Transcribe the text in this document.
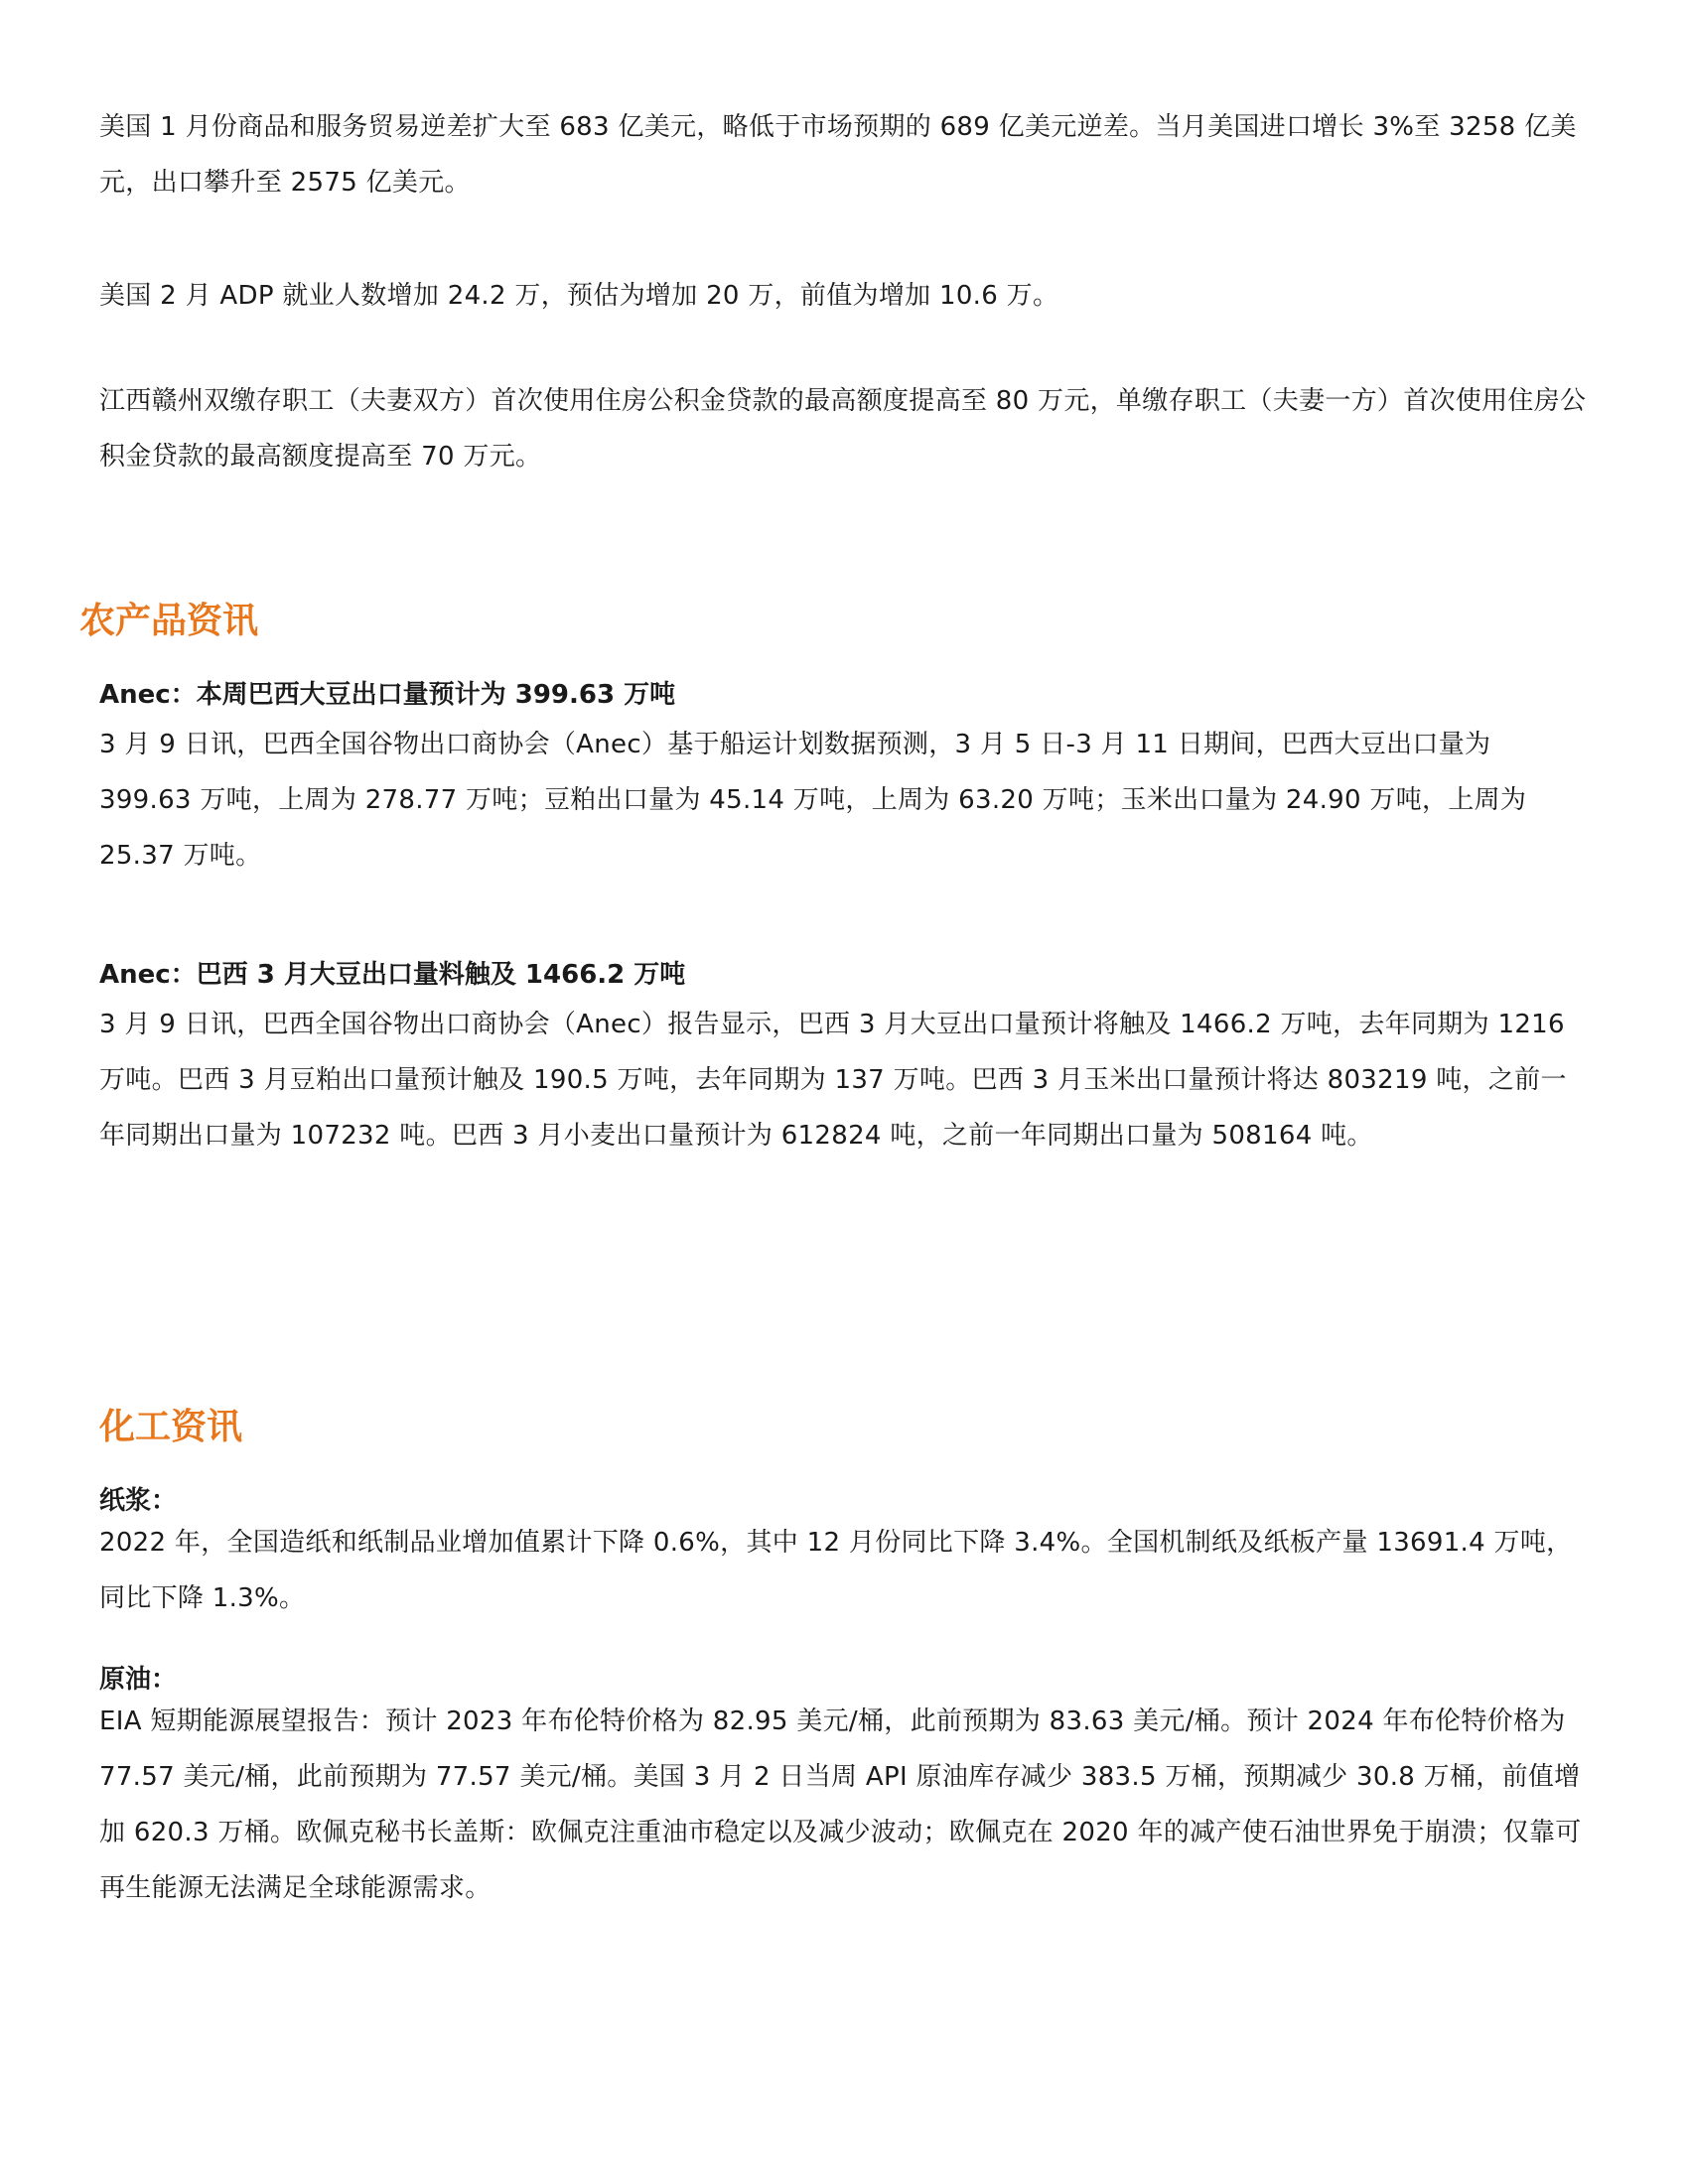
美国 1 月份商品和服务贸易逆差扩大至 683 亿美元，略低于市场预期的 689 亿美元逆差。当月美国进口增长 3%至 3258 亿美元，出口攀升至 2575 亿美元。

美国 2 月 ADP 就业人数增加 24.2 万，预估为增加 20 万，前值为增加 10.6 万。

江西赣州双缴存职工（夫妻双方）首次使用住房公积金贷款的最高额度提高至 80 万元，单缴存职工（夫妻一方）首次使用住房公积金贷款的最高额度提高至 70 万元。

农产品资讯
Anec：本周巴西大豆出口量预计为 399.63 万吨

3 月 9 日讯，巴西全国谷物出口商协会（Anec）基于船运计划数据预测，3 月 5 日-3 月 11 日期间，巴西大豆出口量为 399.63 万吨，上周为 278.77 万吨；豆粕出口量为 45.14 万吨，上周为 63.20 万吨；玉米出口量为 24.90 万吨，上周为 25.37 万吨。

Anec：巴西 3 月大豆出口量料触及 1466.2 万吨

3 月 9 日讯，巴西全国谷物出口商协会（Anec）报告显示，巴西 3 月大豆出口量预计将触及 1466.2 万吨，去年同期为 1216 万吨。巴西 3 月豆粕出口量预计触及 190.5 万吨，去年同期为 137 万吨。巴西 3 月玉米出口量预计将达 803219 吨，之前一年同期出口量为 107232 吨。巴西 3 月小麦出口量预计为 612824 吨，之前一年同期出口量为 508164 吨。

化工资讯
纸浆：

2022 年，全国造纸和纸制品业增加值累计下降 0.6%，其中 12 月份同比下降 3.4%。全国机制纸及纸板产量 13691.4 万吨，同比下降 1.3%。

原油：

EIA 短期能源展望报告：预计 2023 年布伦特价格为 82.95 美元/桶，此前预期为 83.63 美元/桶。预计 2024 年布伦特价格为 77.57 美元/桶，此前预期为 77.57 美元/桶。美国 3 月 2 日当周 API 原油库存减少 383.5 万桶，预期减少 30.8 万桶，前值增加 620.3 万桶。欧佩克秘书长盖斯：欧佩克注重油市稳定以及减少波动；欧佩克在 2020 年的减产使石油世界免于崩溃；仅靠可再生能源无法满足全球能源需求。
